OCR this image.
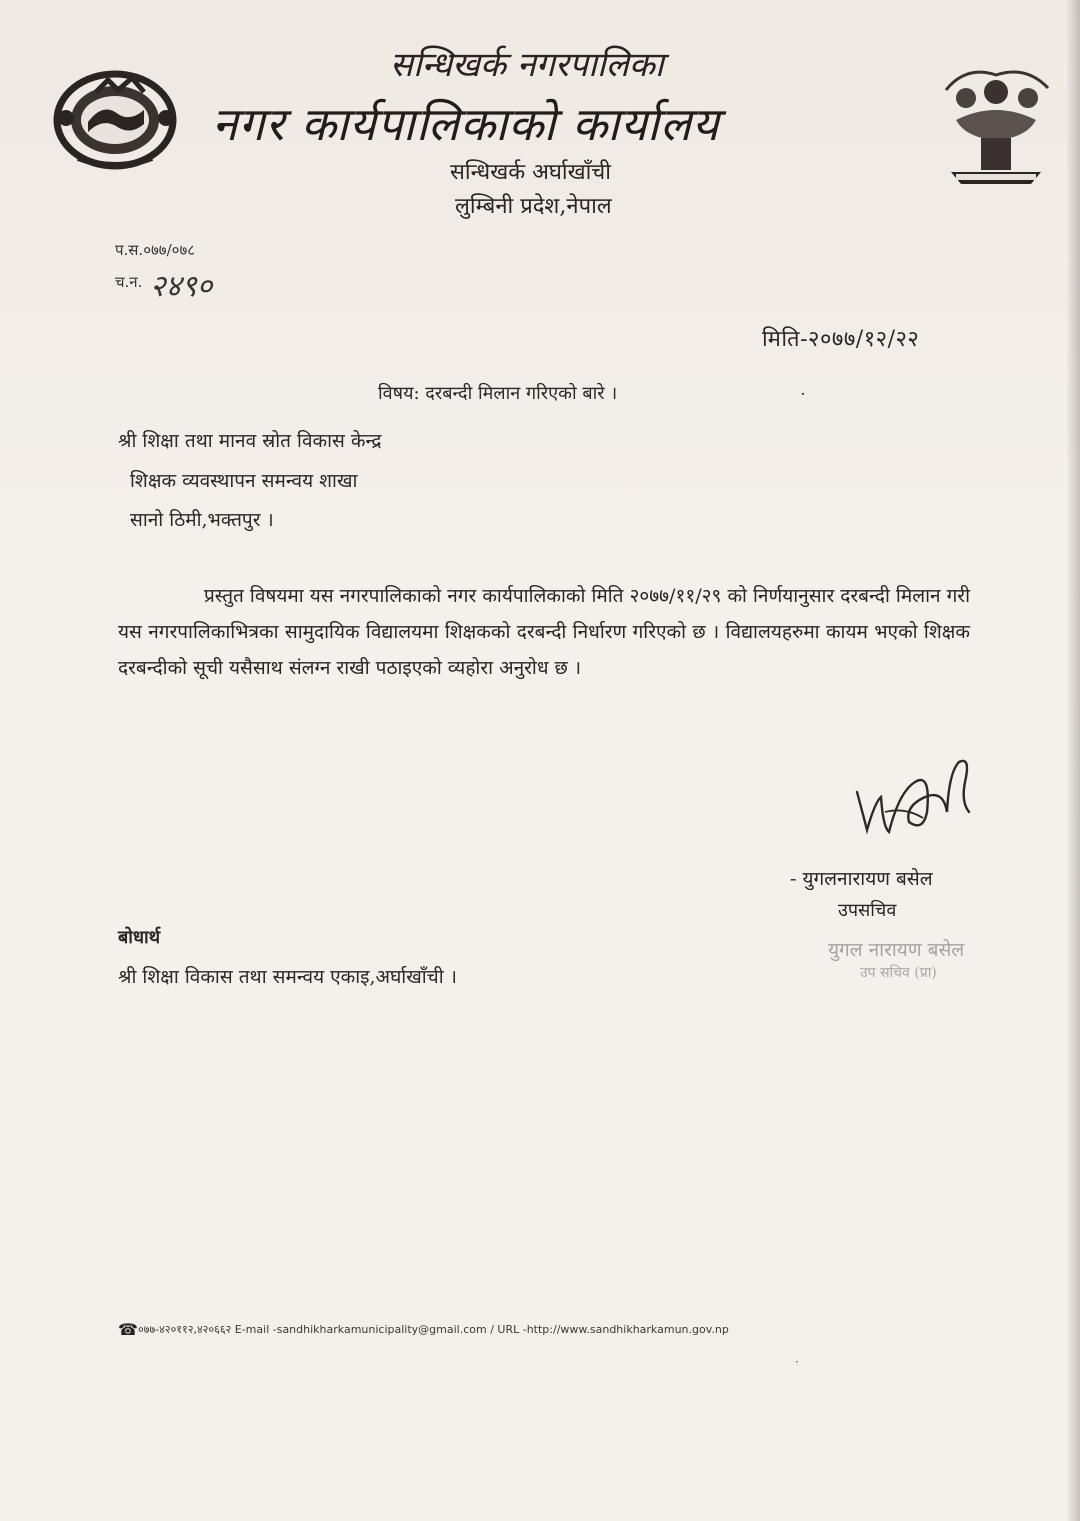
सन्धिखर्क नगरपालिका
नगर कार्यपालिकाको कार्यालय
सन्धिखर्क अर्घाखाँची
लुम्बिनी प्रदेश,नेपाल
प.स.०७७/०७८
च.न. २४९०
मिति-२०७७/१२/२२
विषय: दरबन्दी मिलान गरिएको बारे ।	·
श्री शिक्षा तथा मानव स्रोत विकास केन्द्र
शिक्षक व्यवस्थापन समन्वय शाखा
सानो ठिमी,भक्तपुर ।
प्रस्तुत विषयमा यस नगरपालिकाको नगर कार्यपालिकाको मिति २०७७/११/२९ को निर्णयानुसार दरबन्दी मिलान गरी यस नगरपालिकाभित्रका सामुदायिक विद्यालयमा शिक्षकको दरबन्दी निर्धारण गरिएको छ । विद्यालयहरुमा कायम भएको शिक्षक दरबन्दीको सूची यसैसाथ संलग्न राखी पठाइएको व्यहोरा अनुरोध छ ।
- युगलनारायण बसेल
उपसचिव
युगल नारायण बसेल
उप सचिव (प्रा)
बोधार्थ
श्री शिक्षा विकास तथा समन्वय एकाइ,अर्घाखाँची ।
☎ ०७७-४२०११२,४२०६६२ E-mail -sandhikharkamunicipality@gmail.com / URL -http://www.sandhikharkamun.gov.np
·
